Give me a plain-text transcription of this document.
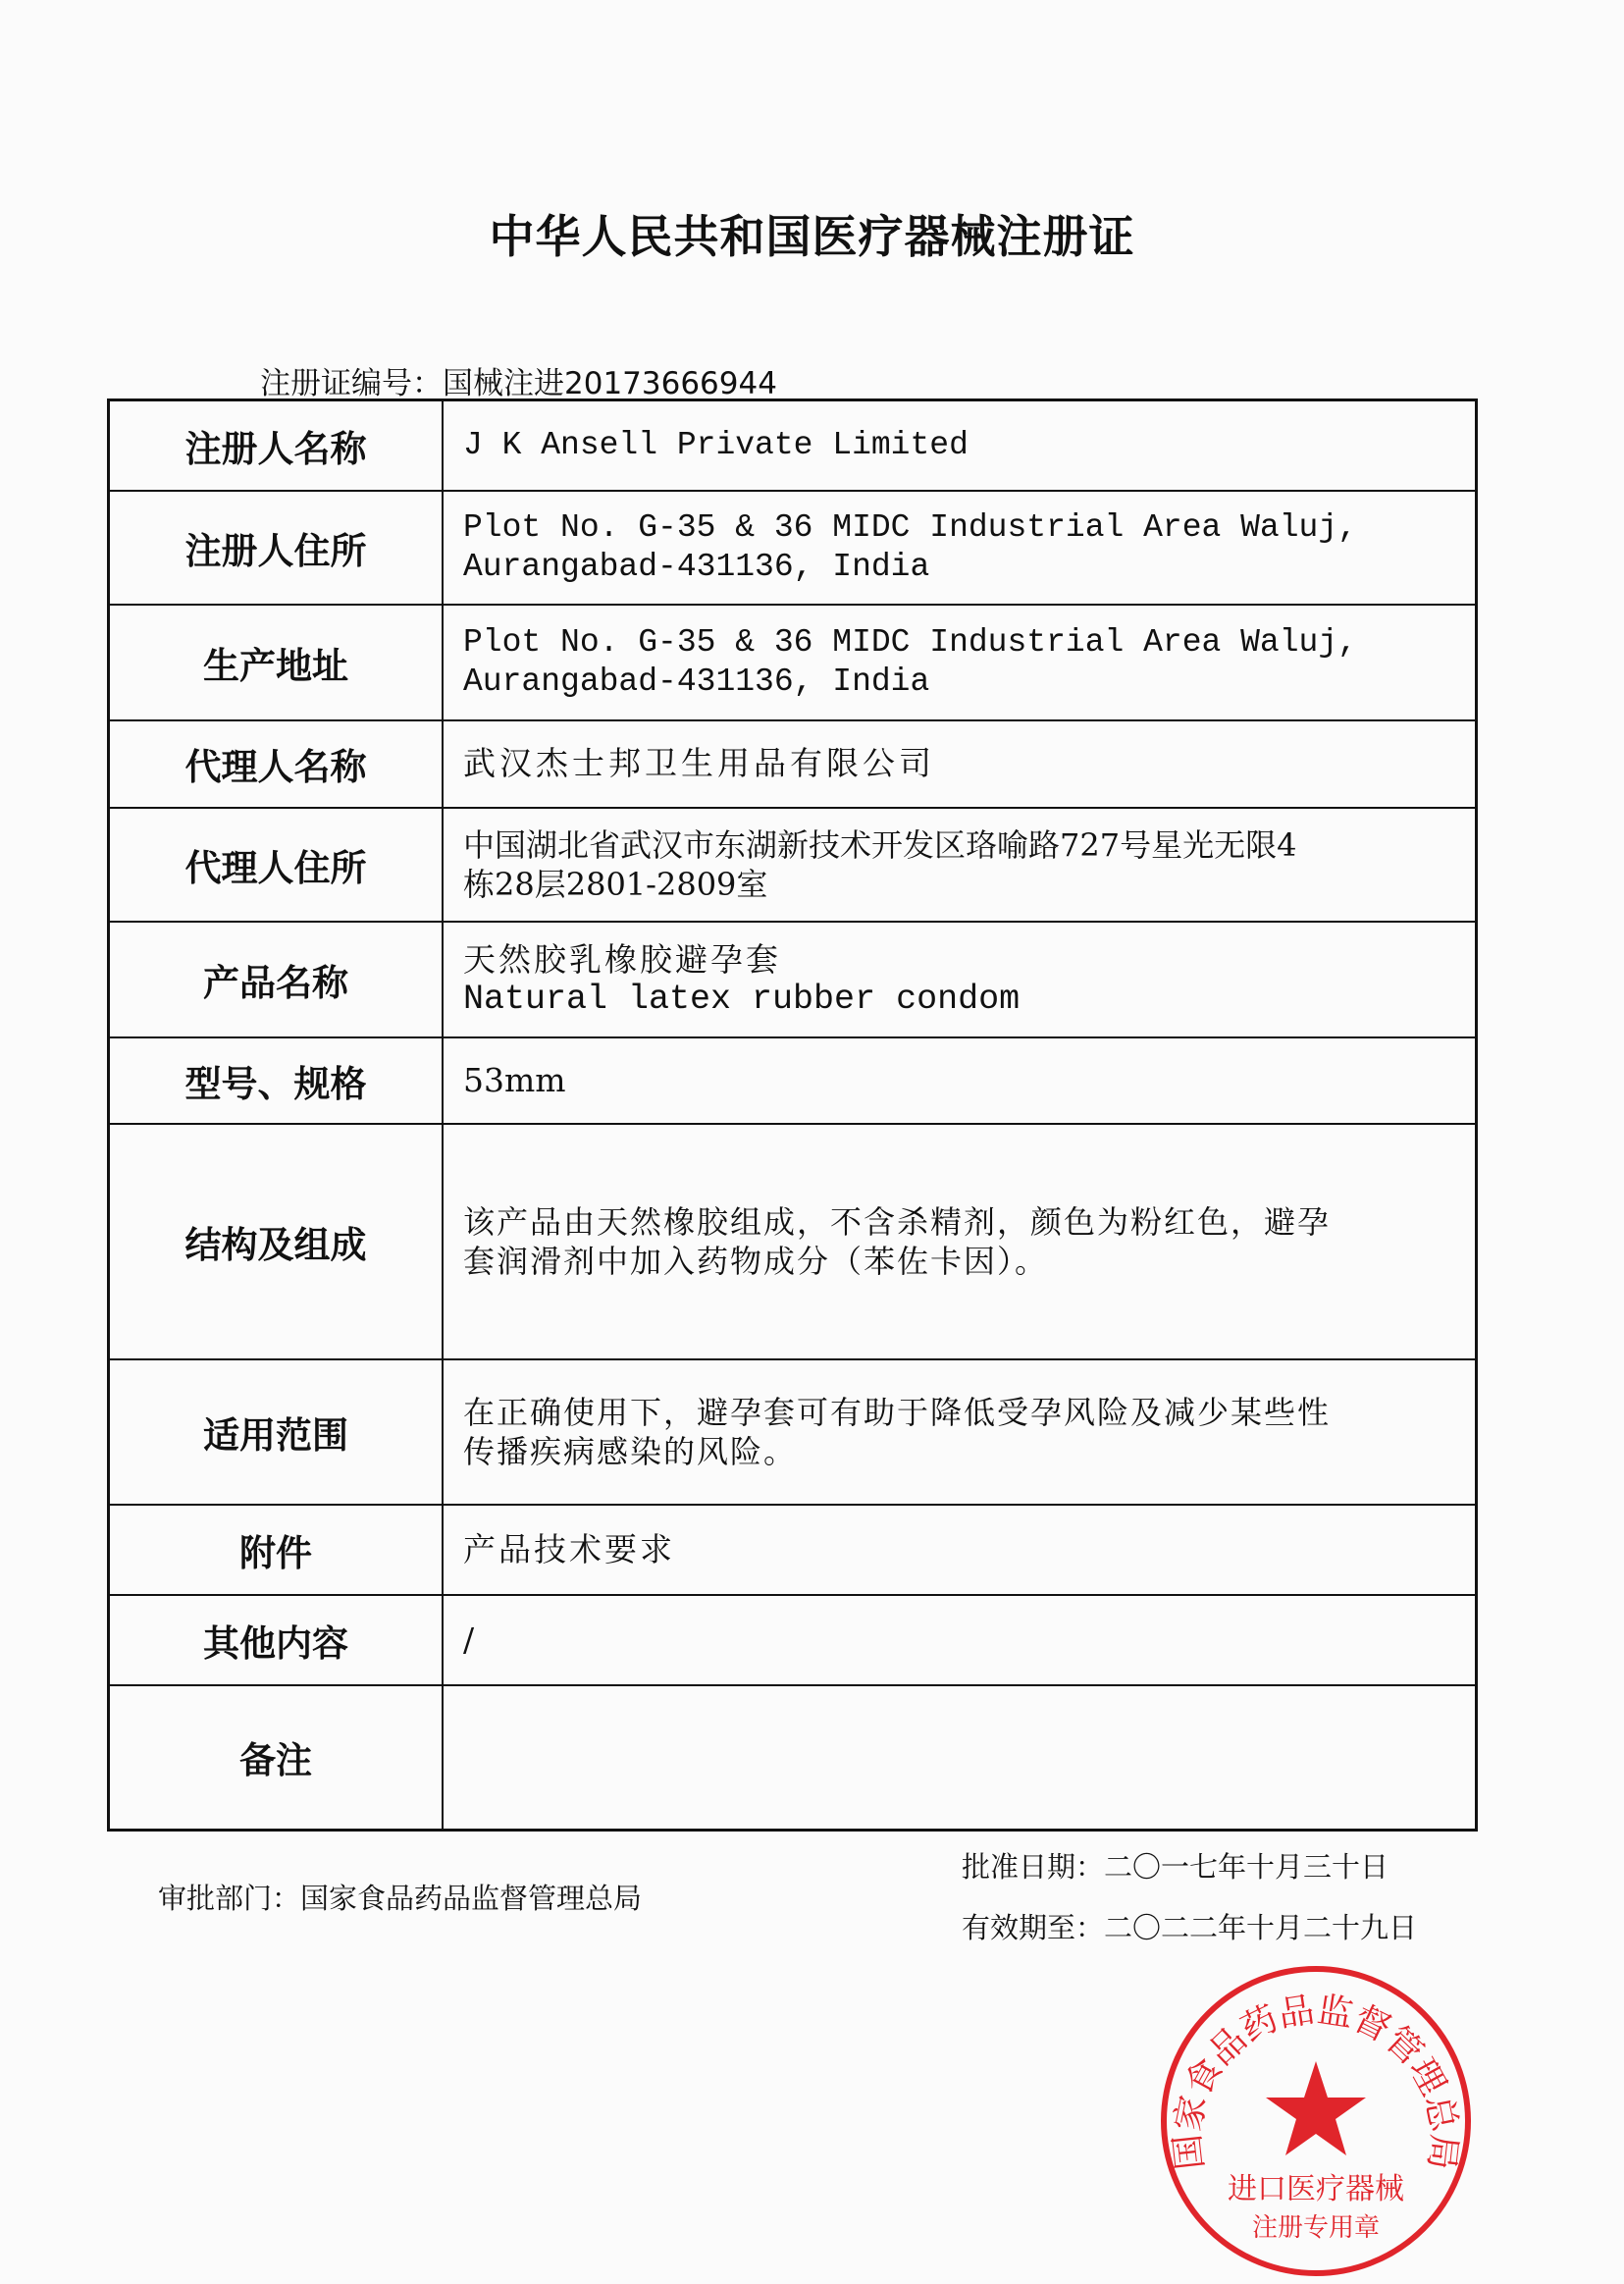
中华人民共和国医疗器械注册证
注册证编号：国械注进20173666944
注册人名称	J K Ansell Private Limited

注册人住所	Plot No. G-35 & 36 MIDC Industrial Area Waluj,
Aurangabad-431136, India

生产地址	Plot No. G-35 & 36 MIDC Industrial Area Waluj,
Aurangabad-431136, India

代理人名称	武汉杰士邦卫生用品有限公司

代理人住所	中国湖北省武汉市东湖新技术开发区珞喻路727号星光无限4
栋28层2801-2809室

产品名称	天然胶乳橡胶避孕套
Natural latex rubber condom

型号、规格	53mm

结构及组成	该产品由天然橡胶组成，不含杀精剂，颜色为粉红色，避孕
套润滑剂中加入药物成分（苯佐卡因）。

适用范围	在正确使用下，避孕套可有助于降低受孕风险及减少某些性
传播疾病感染的风险。

附件	产品技术要求

其他内容	/

备注	
审批部门：国家食品药品监督管理总局
批准日期：二〇一七年十月三十日
有效期至：二〇二二年十月二十九日
国家食品药品监督管理总局
进口医疗器械
注册专用章
